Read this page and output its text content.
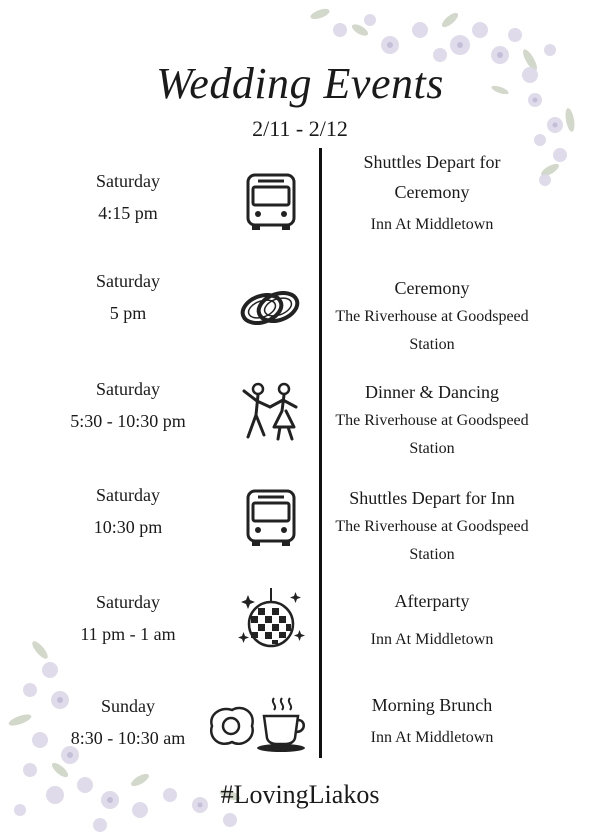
Wedding Events
2/11 - 2/12
Saturday
4:15 pm
Shuttles Depart for
Ceremony
Inn At Middletown
Saturday
5 pm
Ceremony
The Riverhouse at Goodspeed
Station
Saturday
5:30 - 10:30 pm
Dinner & Dancing
The Riverhouse at Goodspeed
Station
Saturday
10:30 pm
Shuttles Depart for Inn
The Riverhouse at Goodspeed
Station
Saturday
11 pm - 1 am
Afterparty
Inn At Middletown
Sunday
8:30 - 10:30 am
Morning Brunch
Inn At Middletown
#LovingLiakos
